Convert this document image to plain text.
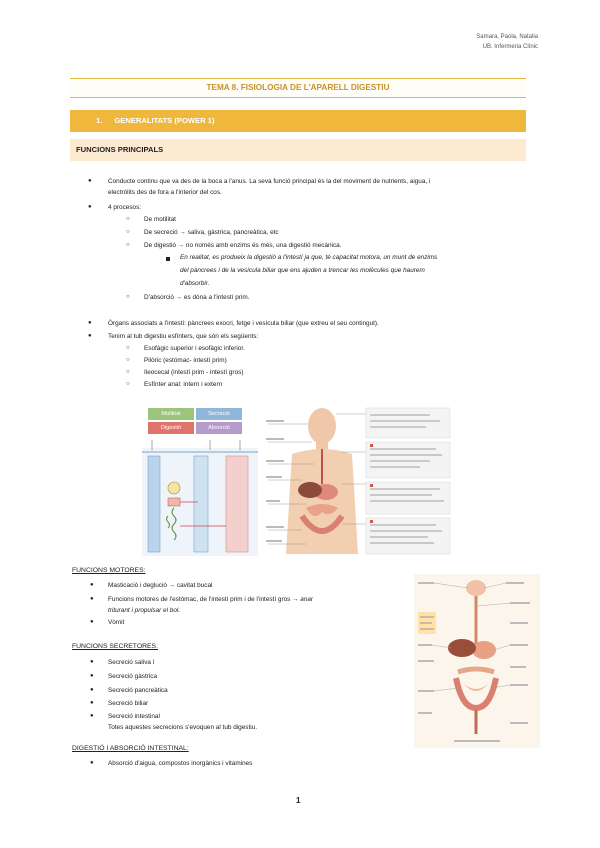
Samara, Paola, Natalia
UB. Infermeria Clínic
TEMA 8. FISIOLOGIA DE L'APARELL DIGESTIU
1. GENERALITATS (POWER 1)
FUNCIONS PRINCIPALS
●	Conducte continu que va des de la boca a l'anus. La seva funció principal és la del moviment de nutrients, aigua, i
electròlits des de fora a l'interior del cos.
●	4 procesos:
○ De motilitat
○ De secreció → saliva, gàstrica, pancreàtica, etc
○ De digestió → no només amb enzims és més, una digestió mecànica.
En realitat, es produeix la digestió a l'intestí ja que, té capacitat motora, un munt de enzims
del pàncrees i de la vesícula biliar que ens ajuden a trencar les molècules que haurem
d'absorbir.
○ D'absorció → es dóna a l'intestí prim.
●	Òrgans associats a l'intestí: pàncrees exocri, fetge i vesícula biliar (que extreu el seu contingut).
●	Tenim al tub digestiu esfínters, que són els següents:
○ Esofàgic superior i esofàgic inferior.
○ Pilòric (estómac- intestí prim)
○ Ileocecal (intestí prim - intestí gros)
○ Esfínter anal: intern i extern
Motilitat	Secreció
Digestió	Absorció
FUNCIONS MOTORES:
● Masticació i deglució → cavitat bucal
● Funcions motores de l'estómac, de l'intestí prim i de l'intestí gros → anar
triturant i propulsar el bol.
● Vòmit
FUNCIONS SECRETORES:
● Secreció saliva l
● Secreció gàstrica
● Secreció pancreàtica
● Secreció biliar
● Secreció intestinal
Totes aquestes secrecions s'evoquen al tub digestiu.
DIGESTIÓ I ABSORCIÓ INTESTINAL:
● Absorció d'aigua, compostos inorgànics i vitamines
1
